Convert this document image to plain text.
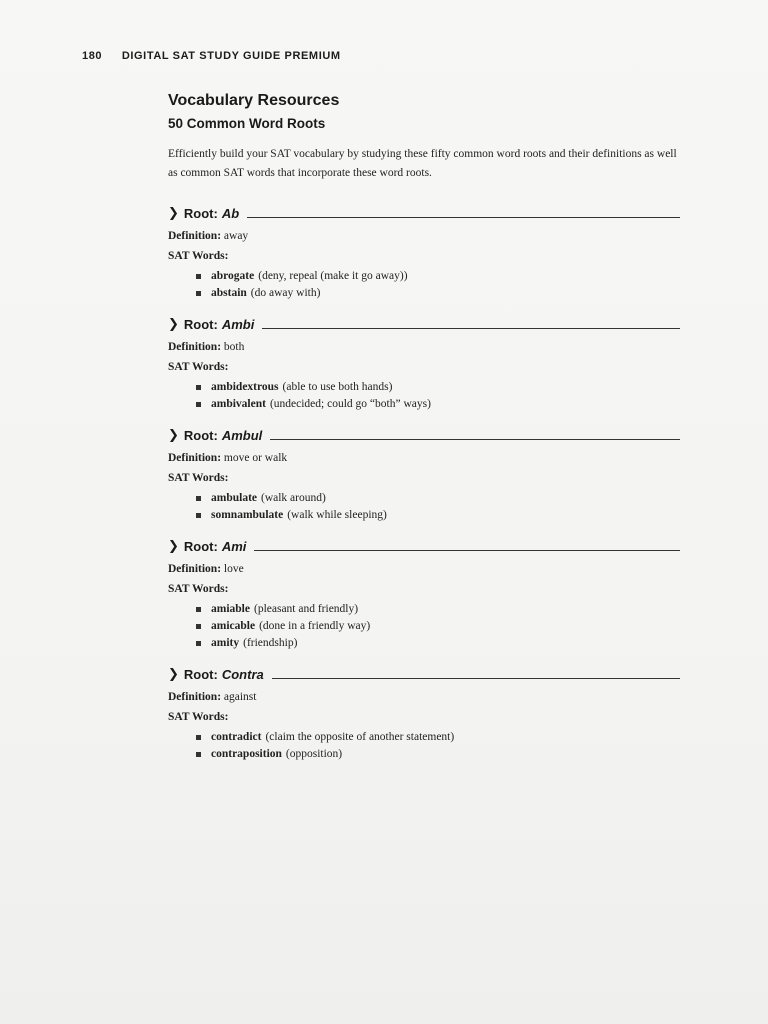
180 DIGITAL SAT STUDY GUIDE PREMIUM
Vocabulary Resources
50 Common Word Roots

Efficiently build your SAT vocabulary by studying these fifty common word roots and their definitions as well as common SAT words that incorporate these word roots.

❯ Root: Ab
Definition: away
SAT Words:
abrogate (deny, repeal (make it go away))
abstain (do away with)
❯ Root: Ambi
Definition: both
SAT Words:
ambidextrous (able to use both hands)
ambivalent (undecided; could go “both” ways)
❯ Root: Ambul
Definition: move or walk
SAT Words:
ambulate (walk around)
somnambulate (walk while sleeping)
❯ Root: Ami
Definition: love
SAT Words:
amiable (pleasant and friendly)
amicable (done in a friendly way)
amity (friendship)
❯ Root: Contra
Definition: against
SAT Words:
contradict (claim the opposite of another statement)
contraposition (opposition)
